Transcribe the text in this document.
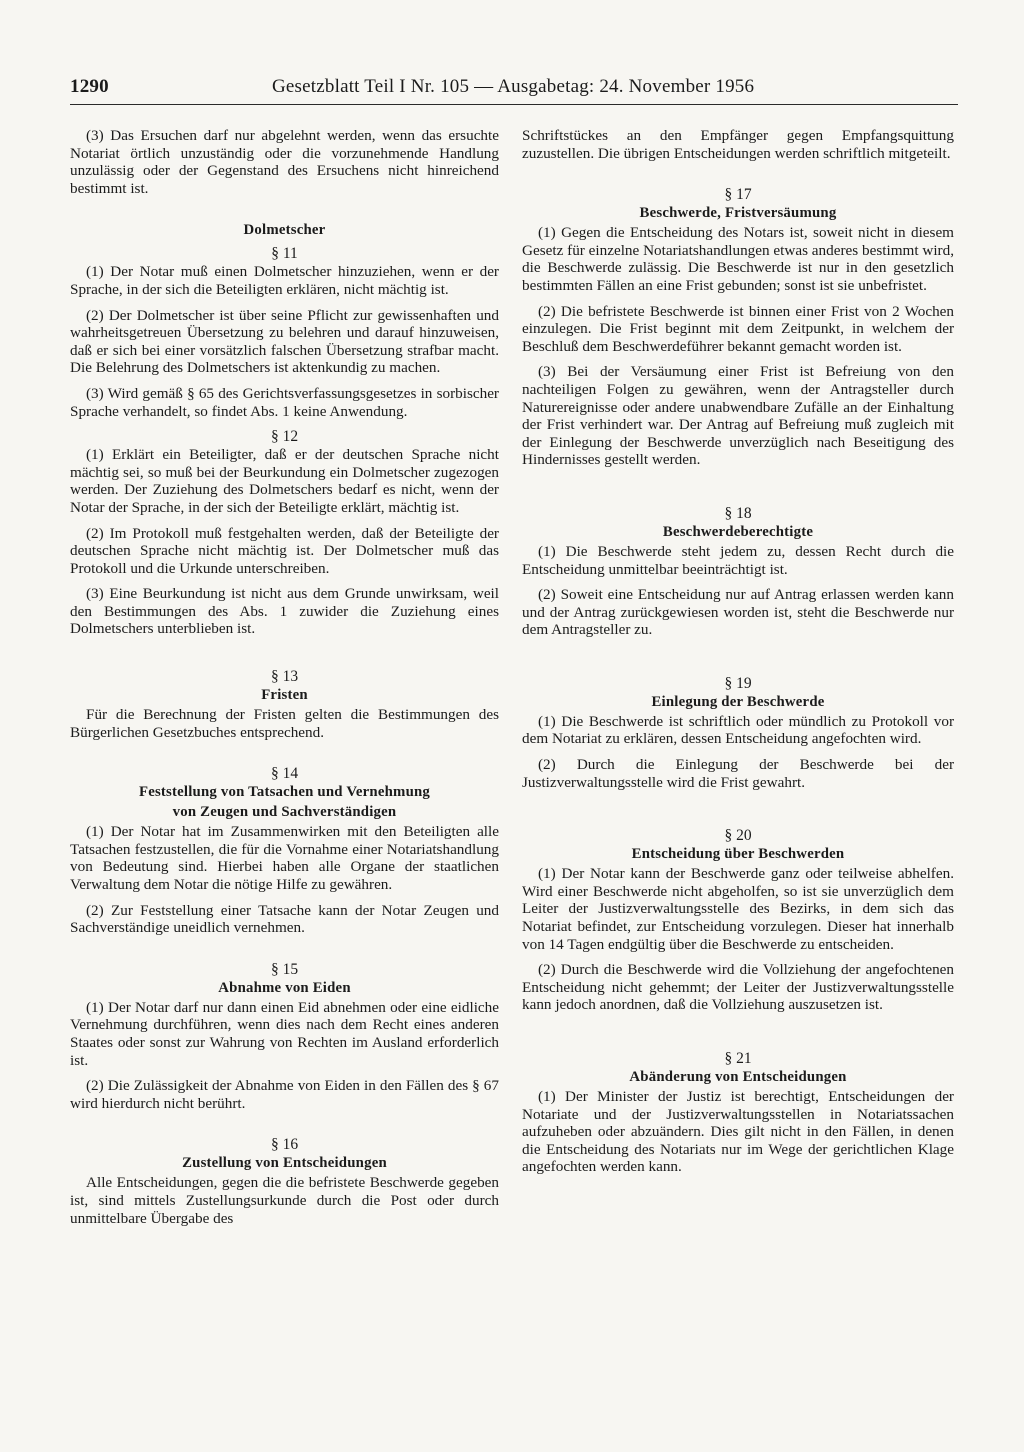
1290	Gesetzblatt Teil I Nr. 105 — Ausgabetag: 24. November 1956

(3) Das Ersuchen darf nur abgelehnt werden, wenn das ersuchte Notariat örtlich unzuständig oder die vorzunehmende Handlung unzulässig oder der Gegenstand des Ersuchens nicht hinreichend bestimmt ist.

Dolmetscher
§ 11

(1) Der Notar muß einen Dolmetscher hinzuziehen, wenn er der Sprache, in der sich die Beteiligten erklären, nicht mächtig ist.

(2) Der Dolmetscher ist über seine Pflicht zur gewissenhaften und wahrheitsgetreuen Übersetzung zu belehren und darauf hinzuweisen, daß er sich bei einer vorsätzlich falschen Übersetzung strafbar macht. Die Belehrung des Dolmetschers ist aktenkundig zu machen.

(3) Wird gemäß § 65 des Gerichtsverfassungsgesetzes in sorbischer Sprache verhandelt, so findet Abs. 1 keine Anwendung.

§ 12

(1) Erklärt ein Beteiligter, daß er der deutschen Sprache nicht mächtig sei, so muß bei der Beurkundung ein Dolmetscher zugezogen werden. Der Zuziehung des Dolmetschers bedarf es nicht, wenn der Notar der Sprache, in der sich der Beteiligte erklärt, mächtig ist.

(2) Im Protokoll muß festgehalten werden, daß der Beteiligte der deutschen Sprache nicht mächtig ist. Der Dolmetscher muß das Protokoll und die Urkunde unterschreiben.

(3) Eine Beurkundung ist nicht aus dem Grunde unwirksam, weil den Bestimmungen des Abs. 1 zuwider die Zuziehung eines Dolmetschers unterblieben ist.

§ 13
Fristen

Für die Berechnung der Fristen gelten die Bestimmungen des Bürgerlichen Gesetzbuches entsprechend.

§ 14
Feststellung von Tatsachen und Vernehmung
von Zeugen und Sachverständigen

(1) Der Notar hat im Zusammenwirken mit den Beteiligten alle Tatsachen festzustellen, die für die Vornahme einer Notariatshandlung von Bedeutung sind. Hierbei haben alle Organe der staatlichen Verwaltung dem Notar die nötige Hilfe zu gewähren.

(2) Zur Feststellung einer Tatsache kann der Notar Zeugen und Sachverständige uneidlich vernehmen.

§ 15
Abnahme von Eiden

(1) Der Notar darf nur dann einen Eid abnehmen oder eine eidliche Vernehmung durchführen, wenn dies nach dem Recht eines anderen Staates oder sonst zur Wahrung von Rechten im Ausland erforderlich ist.

(2) Die Zulässigkeit der Abnahme von Eiden in den Fällen des § 67 wird hierdurch nicht berührt.

§ 16
Zustellung von Entscheidungen

Alle Entscheidungen, gegen die die befristete Beschwerde gegeben ist, sind mittels Zustellungsurkunde durch die Post oder durch unmittelbare Übergabe des

Schriftstückes an den Empfänger gegen Empfangsquittung zuzustellen. Die übrigen Entscheidungen werden schriftlich mitgeteilt.

§ 17
Beschwerde, Fristversäumung

(1) Gegen die Entscheidung des Notars ist, soweit nicht in diesem Gesetz für einzelne Notariatshandlungen etwas anderes bestimmt wird, die Beschwerde zulässig. Die Beschwerde ist nur in den gesetzlich bestimmten Fällen an eine Frist gebunden; sonst ist sie unbefristet.

(2) Die befristete Beschwerde ist binnen einer Frist von 2 Wochen einzulegen. Die Frist beginnt mit dem Zeitpunkt, in welchem der Beschluß dem Beschwerdeführer bekannt gemacht worden ist.

(3) Bei der Versäumung einer Frist ist Befreiung von den nachteiligen Folgen zu gewähren, wenn der Antragsteller durch Naturereignisse oder andere unabwendbare Zufälle an der Einhaltung der Frist verhindert war. Der Antrag auf Befreiung muß zugleich mit der Einlegung der Beschwerde unverzüglich nach Beseitigung des Hindernisses gestellt werden.

§ 18
Beschwerdeberechtigte

(1) Die Beschwerde steht jedem zu, dessen Recht durch die Entscheidung unmittelbar beeinträchtigt ist.

(2) Soweit eine Entscheidung nur auf Antrag erlassen werden kann und der Antrag zurückgewiesen worden ist, steht die Beschwerde nur dem Antragsteller zu.

§ 19
Einlegung der Beschwerde

(1) Die Beschwerde ist schriftlich oder mündlich zu Protokoll vor dem Notariat zu erklären, dessen Entscheidung angefochten wird.

(2) Durch die Einlegung der Beschwerde bei der Justizverwaltungsstelle wird die Frist gewahrt.

§ 20
Entscheidung über Beschwerden

(1) Der Notar kann der Beschwerde ganz oder teilweise abhelfen. Wird einer Beschwerde nicht abgeholfen, so ist sie unverzüglich dem Leiter der Justizverwaltungsstelle des Bezirks, in dem sich das Notariat befindet, zur Entscheidung vorzulegen. Dieser hat innerhalb von 14 Tagen endgültig über die Beschwerde zu entscheiden.

(2) Durch die Beschwerde wird die Vollziehung der angefochtenen Entscheidung nicht gehemmt; der Leiter der Justizverwaltungsstelle kann jedoch anordnen, daß die Vollziehung auszusetzen ist.

§ 21
Abänderung von Entscheidungen

(1) Der Minister der Justiz ist berechtigt, Entscheidungen der Notariate und der Justizverwaltungsstellen in Notariatssachen aufzuheben oder abzuändern. Dies gilt nicht in den Fällen, in denen die Entscheidung des Notariats nur im Wege der gerichtlichen Klage angefochten werden kann.
